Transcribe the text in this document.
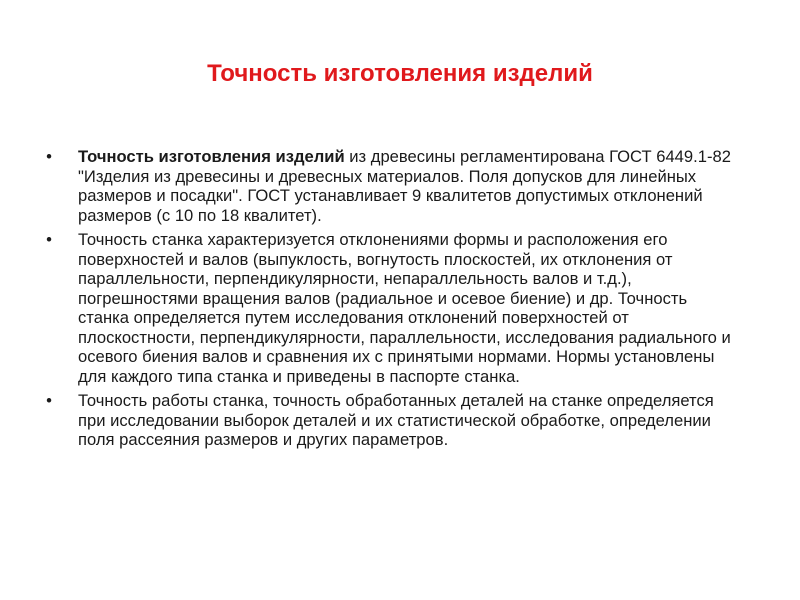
Точность изготовления изделий
• Точность изготовления изделий из древесины регламентирована ГОСТ 6449.1-82 "Изделия из древесины и древесных материалов. Поля допусков для линейных размеров и посадки". ГОСТ устанавливает 9 квалитетов допустимых отклонений размеров (с 10 по 18 квалитет).
• Точность станка характеризуется отклонениями формы и расположения его поверхностей и валов (выпуклость, вогнутость плоскостей, их отклонения от параллельности, перпендикулярности, непараллельность валов и т.д.), погрешностями вращения валов (радиальное и осевое биение) и др. Точность станка определяется путем исследования отклонений поверхностей от плоскостности, перпендикулярности, параллельности, исследования радиального и осевого биения валов и сравнения их с принятыми нормами. Нормы установлены для каждого типа станка и приведены в паспорте станка.
• Точность работы станка, точность обработанных деталей на станке определяется при исследовании выборок деталей и их статистической обработке, определении поля рассеяния размеров и других параметров.
